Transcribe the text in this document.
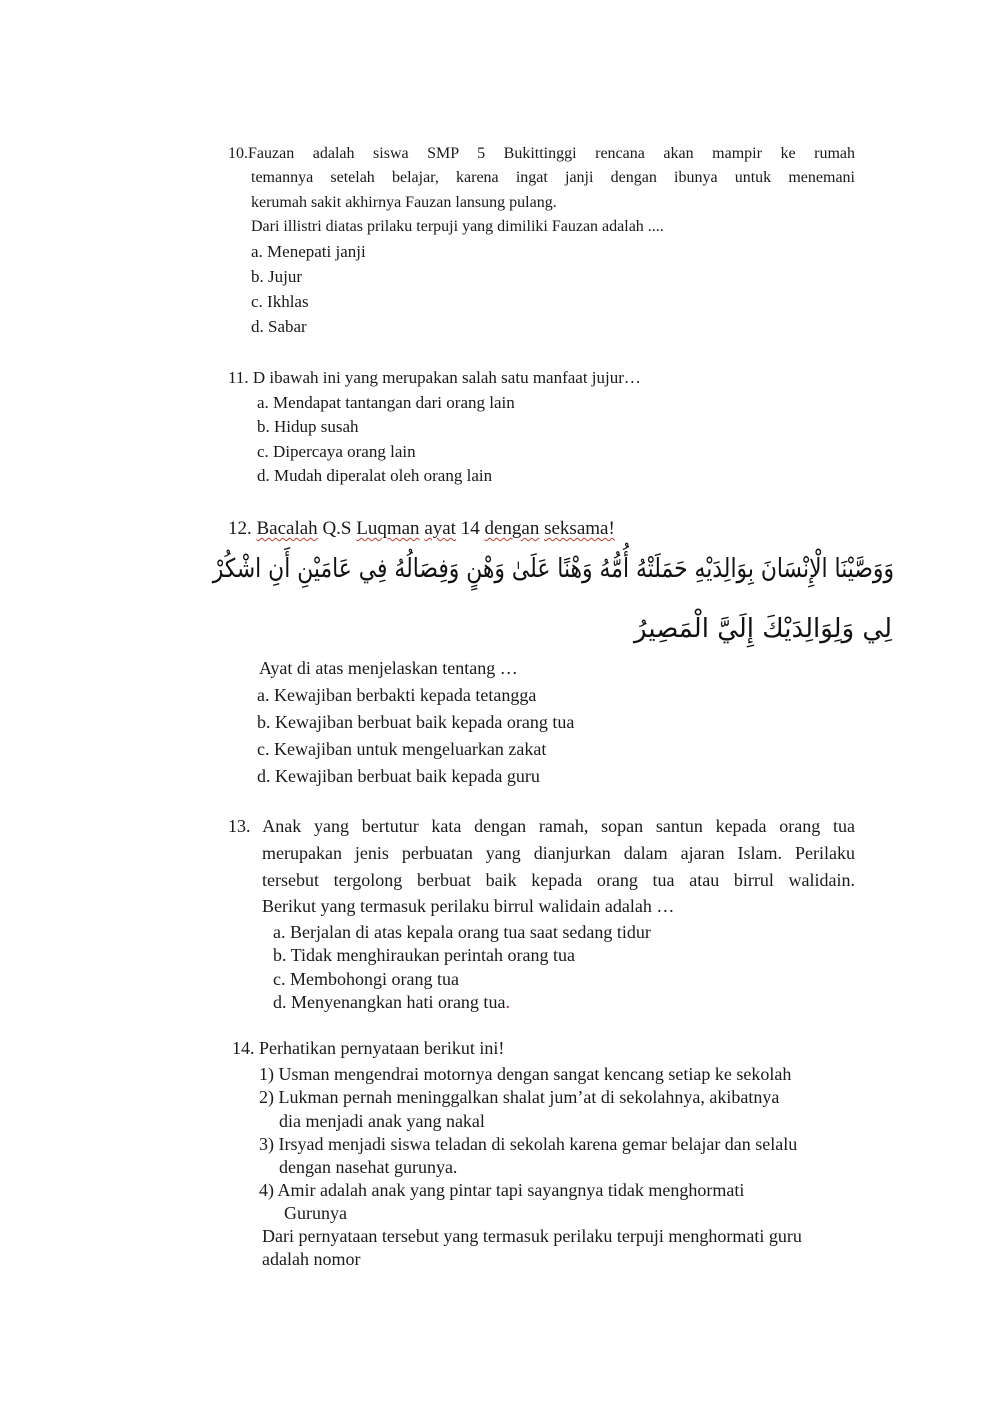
10.Fauzan adalah siswa SMP 5 Bukittinggi rencana akan mampir ke rumah
temannya setelah belajar, karena ingat janji dengan ibunya untuk menemani
kerumah sakit akhirnya Fauzan lansung pulang.
Dari illistri diatas prilaku terpuji yang dimiliki Fauzan adalah ....
a. Menepati janji
b. Jujur
c. Ikhlas
d. Sabar
11. D ibawah ini yang merupakan salah satu manfaat jujur…
a. Mendapat tantangan dari orang lain
b. Hidup susah
c. Dipercaya orang lain
d. Mudah diperalat oleh orang lain
12. Bacalah Q.S Luqman ayat 14 dengan seksama!
وَوَصَّيْنَا الْإِنْسَانَ بِوَالِدَيْهِ حَمَلَتْهُ أُمُّهُ وَهْنًا عَلَىٰ وَهْنٍ وَفِصَالُهُ فِي عَامَيْنِ أَنِ اشْكُرْ
لِي وَلِوَالِدَيْكَ إِلَيَّ الْمَصِيرُ
Ayat di atas menjelaskan tentang …
a. Kewajiban berbakti kepada tetangga
b. Kewajiban berbuat baik kepada orang tua
c. Kewajiban untuk mengeluarkan zakat
d. Kewajiban berbuat baik kepada guru
13. Anak yang bertutur kata dengan ramah, sopan santun kepada orang tua
merupakan jenis perbuatan yang dianjurkan dalam ajaran Islam. Perilaku
tersebut tergolong berbuat baik kepada orang tua atau birrul walidain.
Berikut yang termasuk perilaku birrul walidain adalah …
a. Berjalan di atas kepala orang tua saat sedang tidur
b. Tidak menghiraukan perintah orang tua
c. Membohongi orang tua
d. Menyenangkan hati orang tua.
14. Perhatikan pernyataan berikut ini!
1) Usman mengendrai motornya dengan sangat kencang setiap ke sekolah
2) Lukman pernah meninggalkan shalat jum’at di sekolahnya, akibatnya
dia menjadi anak yang nakal
3) Irsyad menjadi siswa teladan di sekolah karena gemar belajar dan selalu
dengan nasehat gurunya.
4) Amir adalah anak yang pintar tapi sayangnya tidak menghormati
Gurunya
Dari pernyataan tersebut yang termasuk perilaku terpuji menghormati guru
adalah nomor
